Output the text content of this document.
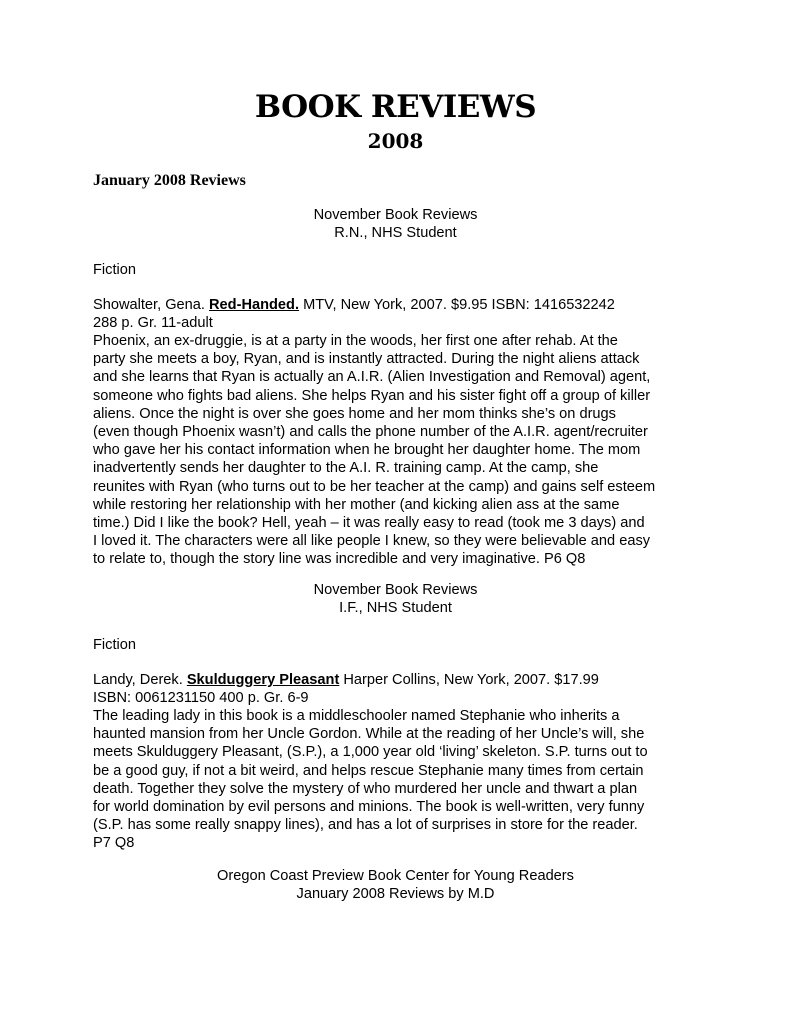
BOOK REVIEWS
2008
January 2008 Reviews
November Book Reviews
R.N., NHS Student
Fiction
Showalter, Gena. Red-Handed. MTV, New York, 2007. $9.95 ISBN: 1416532242
288 p. Gr. 11-adult
Phoenix, an ex-druggie, is at a party in the woods, her first one after rehab. At the
party she meets a boy, Ryan, and is instantly attracted. During the night aliens attack
and she learns that Ryan is actually an A.I.R. (Alien Investigation and Removal) agent,
someone who fights bad aliens. She helps Ryan and his sister fight off a group of killer
aliens. Once the night is over she goes home and her mom thinks she’s on drugs
(even though Phoenix wasn’t) and calls the phone number of the A.I.R. agent/recruiter
who gave her his contact information when he brought her daughter home. The mom
inadvertently sends her daughter to the A.I. R. training camp. At the camp, she
reunites with Ryan (who turns out to be her teacher at the camp) and gains self esteem
while restoring her relationship with her mother (and kicking alien ass at the same
time.) Did I like the book? Hell, yeah – it was really easy to read (took me 3 days) and
I loved it. The characters were all like people I knew, so they were believable and easy
to relate to, though the story line was incredible and very imaginative. P6 Q8
November Book Reviews
I.F., NHS Student
Fiction
Landy, Derek. Skulduggery Pleasant Harper Collins, New York, 2007. $17.99
ISBN: 0061231150 400 p. Gr. 6-9
The leading lady in this book is a middleschooler named Stephanie who inherits a
haunted mansion from her Uncle Gordon. While at the reading of her Uncle’s will, she
meets Skulduggery Pleasant, (S.P.), a 1,000 year old ‘living’ skeleton. S.P. turns out to
be a good guy, if not a bit weird, and helps rescue Stephanie many times from certain
death. Together they solve the mystery of who murdered her uncle and thwart a plan
for world domination by evil persons and minions. The book is well-written, very funny
(S.P. has some really snappy lines), and has a lot of surprises in store for the reader.
P7 Q8
Oregon Coast Preview Book Center for Young Readers
January 2008 Reviews by M.D
